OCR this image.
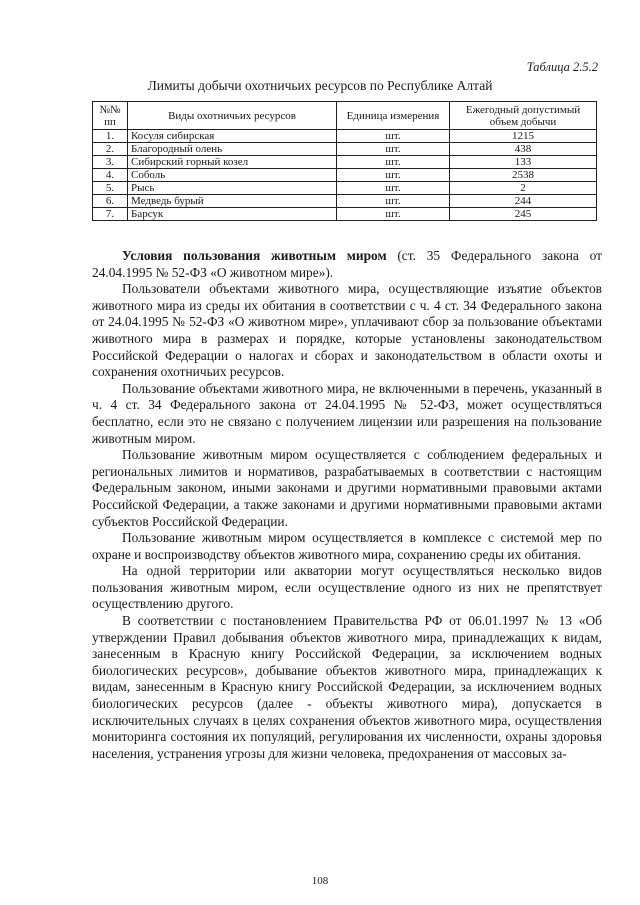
Таблица 2.5.2
Лимиты добычи охотничьих ресурсов по Республике Алтай
№№ пп	Виды охотничьих ресурсов	Единица измерения	Ежегодный допустимый объем добычи
1.	Косуля сибирская	шт.	1215
2.	Благородный олень	шт.	438
3.	Сибирский горный козел	шт.	133
4.	Соболь	шт.	2538
5.	Рысь	шт.	2
6.	Медведь бурый	шт.	244
7.	Барсук	шт.	245

Условия пользования животным миром (ст. 35 Федерального закона от 24.04.1995 № 52-ФЗ «О животном мире»).

Пользователи объектами животного мира, осуществляющие изъятие объектов животного мира из среды их обитания в соответствии с ч. 4 ст. 34 Федерального закона от 24.04.1995 № 52-ФЗ «О животном мире», уплачивают сбор за пользование объектами животного мира в размерах и порядке, которые установлены законодательством Российской Федерации о налогах и сборах и законодательством в области охоты и сохранения охотничьих ресурсов.

Пользование объектами животного мира, не включенными в перечень, указанный в ч. 4 ст. 34 Федерального закона от 24.04.1995 № 52-ФЗ, может осуществляться бесплатно, если это не связано с получением лицензии или разрешения на пользование животным миром.

Пользование животным миром осуществляется с соблюдением федеральных и региональных лимитов и нормативов, разрабатываемых в соответствии с настоящим Федеральным законом, иными законами и другими нормативными правовыми актами Российской Федерации, а также законами и другими нормативными правовыми актами субъектов Российской Федерации.

Пользование животным миром осуществляется в комплексе с системой мер по охране и воспроизводству объектов животного мира, сохранению среды их обитания.

На одной территории или акватории могут осуществляться несколько видов пользования животным миром, если осуществление одного из них не препятствует осуществлению другого.

В соответствии с постановлением Правительства РФ от 06.01.1997 № 13 «Об утверждении Правил добывания объектов животного мира, принадлежащих к видам, занесенным в Красную книгу Российской Федерации, за исключением водных биологических ресурсов», добывание объектов животного мира, принадлежащих к видам, занесенным в Красную книгу Российской Федерации, за исключением водных биологических ресурсов (далее - объекты животного мира), допускается в исключительных случаях в целях сохранения объектов животного мира, осуществления мониторинга состояния их популяций, регулирования их численности, охраны здоровья населения, устранения угрозы для жизни человека, предохранения от массовых за-

108
